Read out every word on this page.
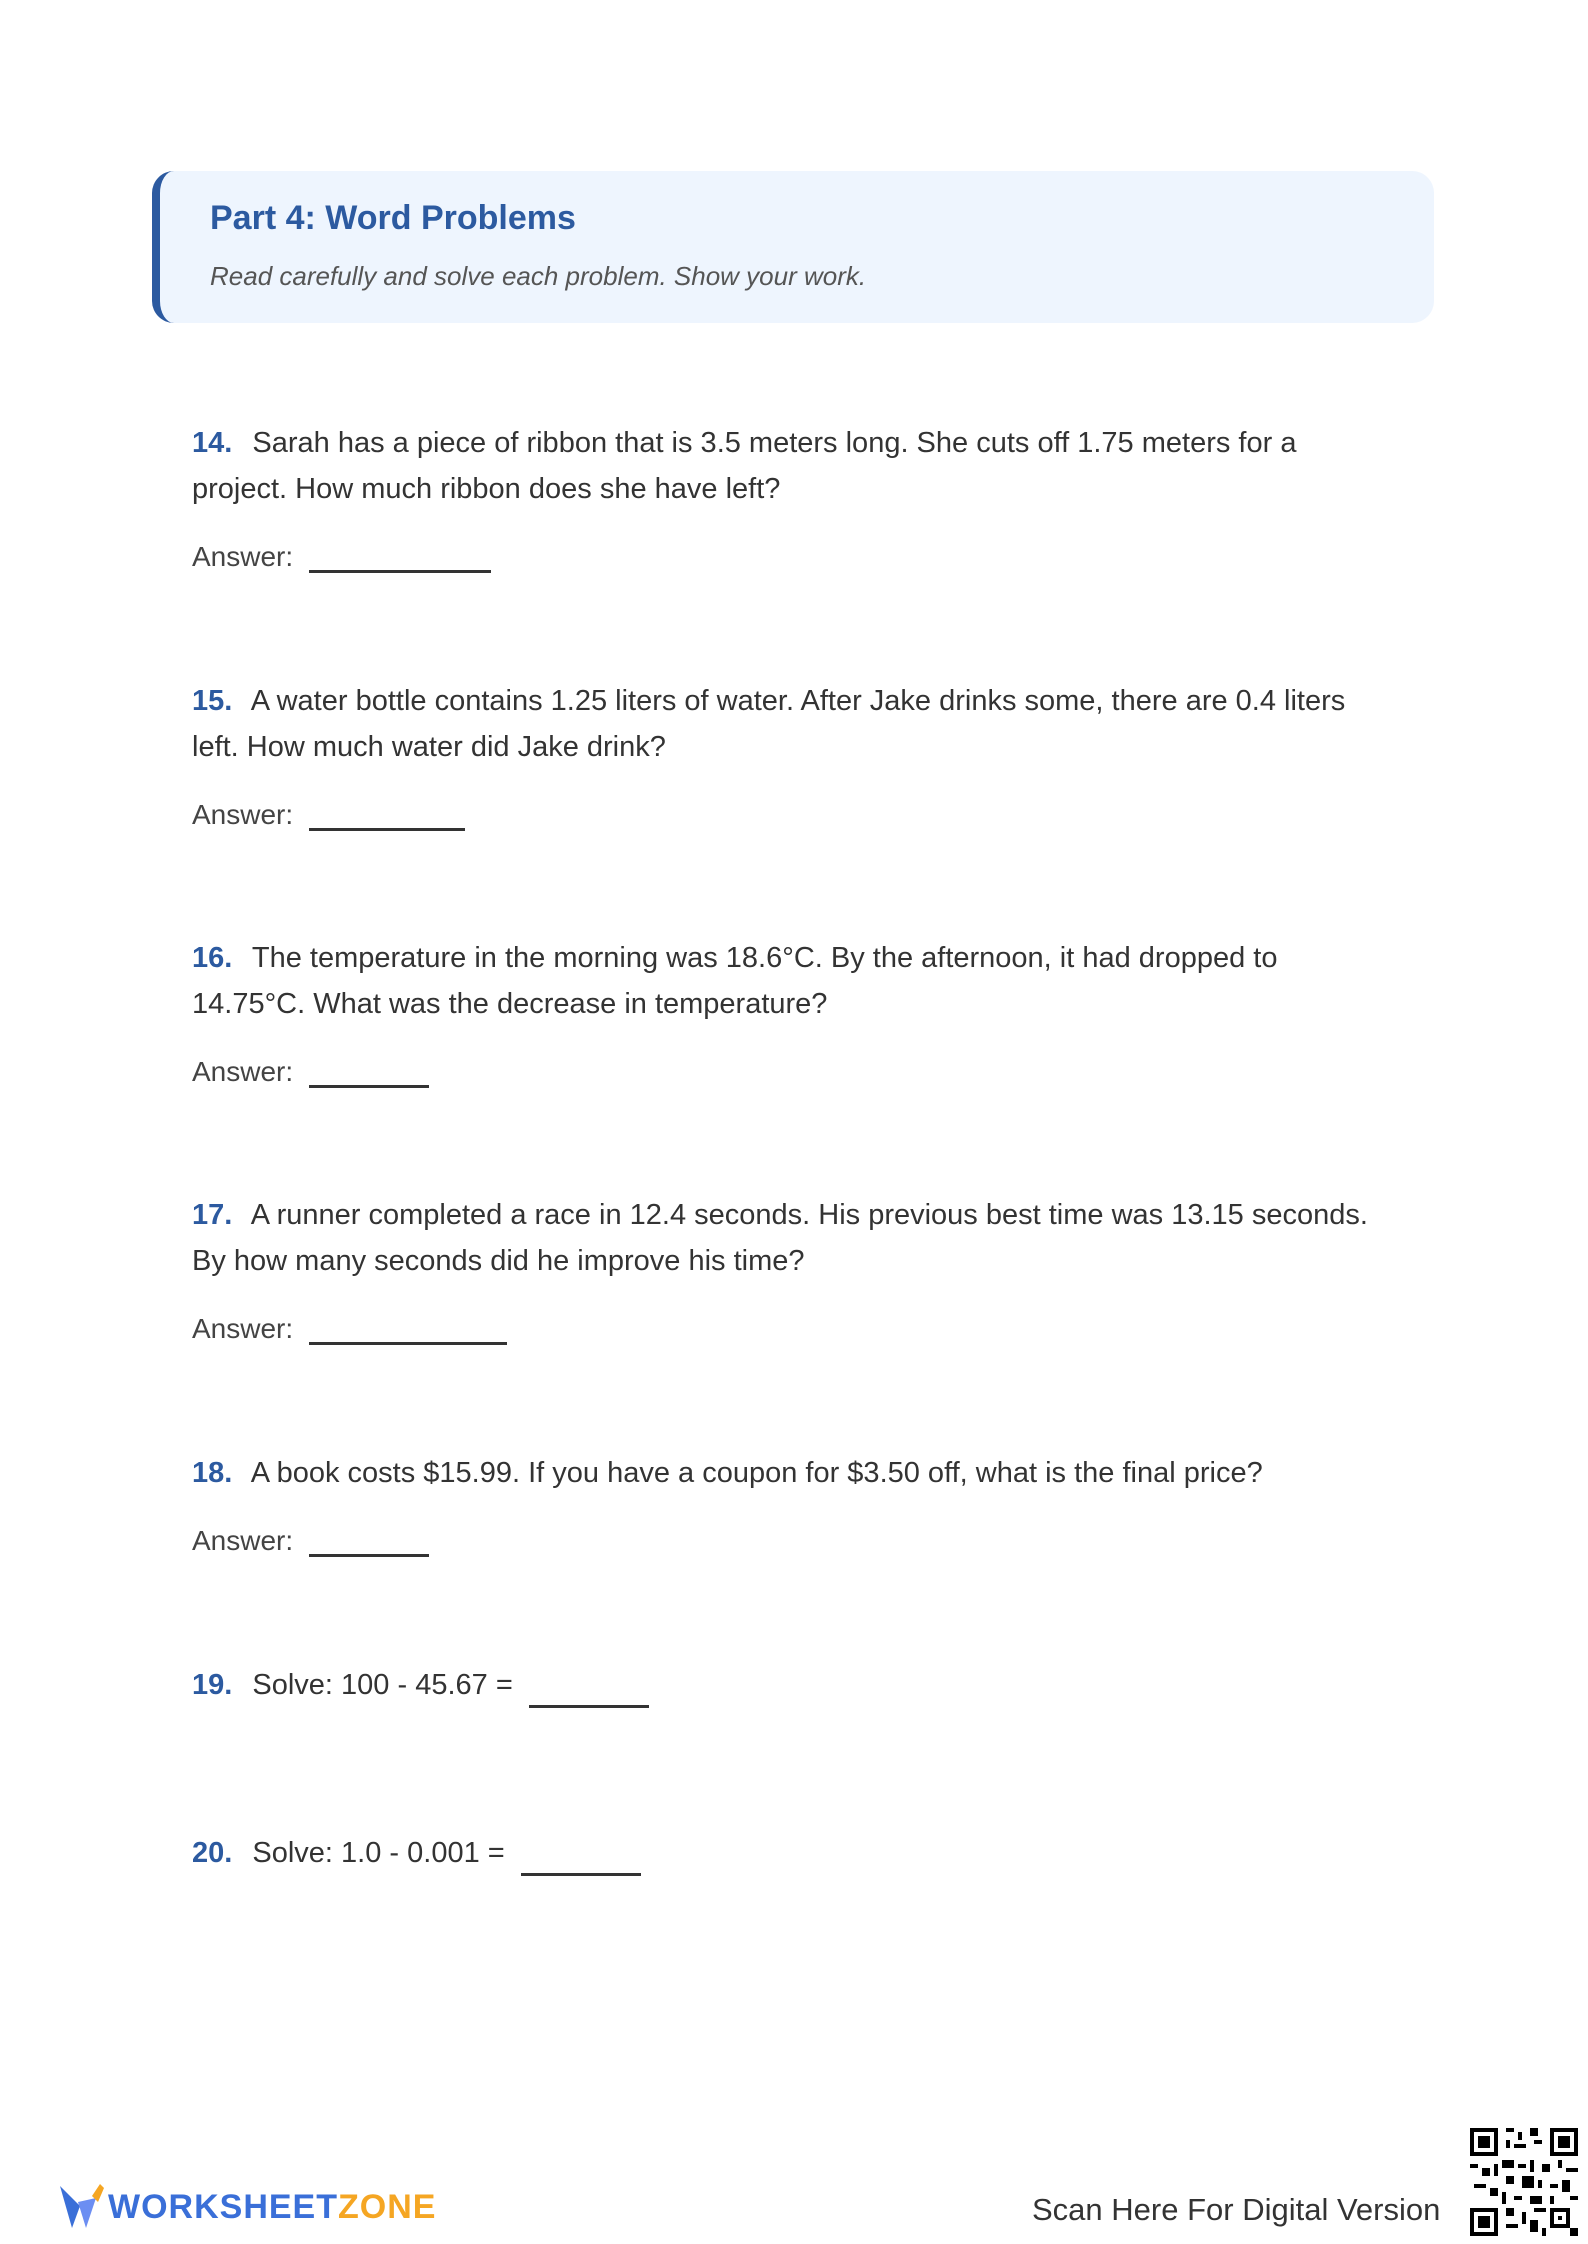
Part 4: Word Problems
Read carefully and solve each problem. Show your work.
14. Sarah has a piece of ribbon that is 3.5 meters long. She cuts off 1.75 meters for a project. How much ribbon does she have left?
Answer:
15. A water bottle contains 1.25 liters of water. After Jake drinks some, there are 0.4 liters left. How much water did Jake drink?
Answer:
16. The temperature in the morning was 18.6°C. By the afternoon, it had dropped to 14.75°C. What was the decrease in temperature?
Answer:
17. A runner completed a race in 12.4 seconds. His previous best time was 13.15 seconds. By how many seconds did he improve his time?
Answer:
18. A book costs $15.99. If you have a coupon for $3.50 off, what is the final price?
Answer:
19. Solve: 100 - 45.67 =
20. Solve: 1.0 - 0.001 =
WORKSHEETZONE	Scan Here For Digital Version
